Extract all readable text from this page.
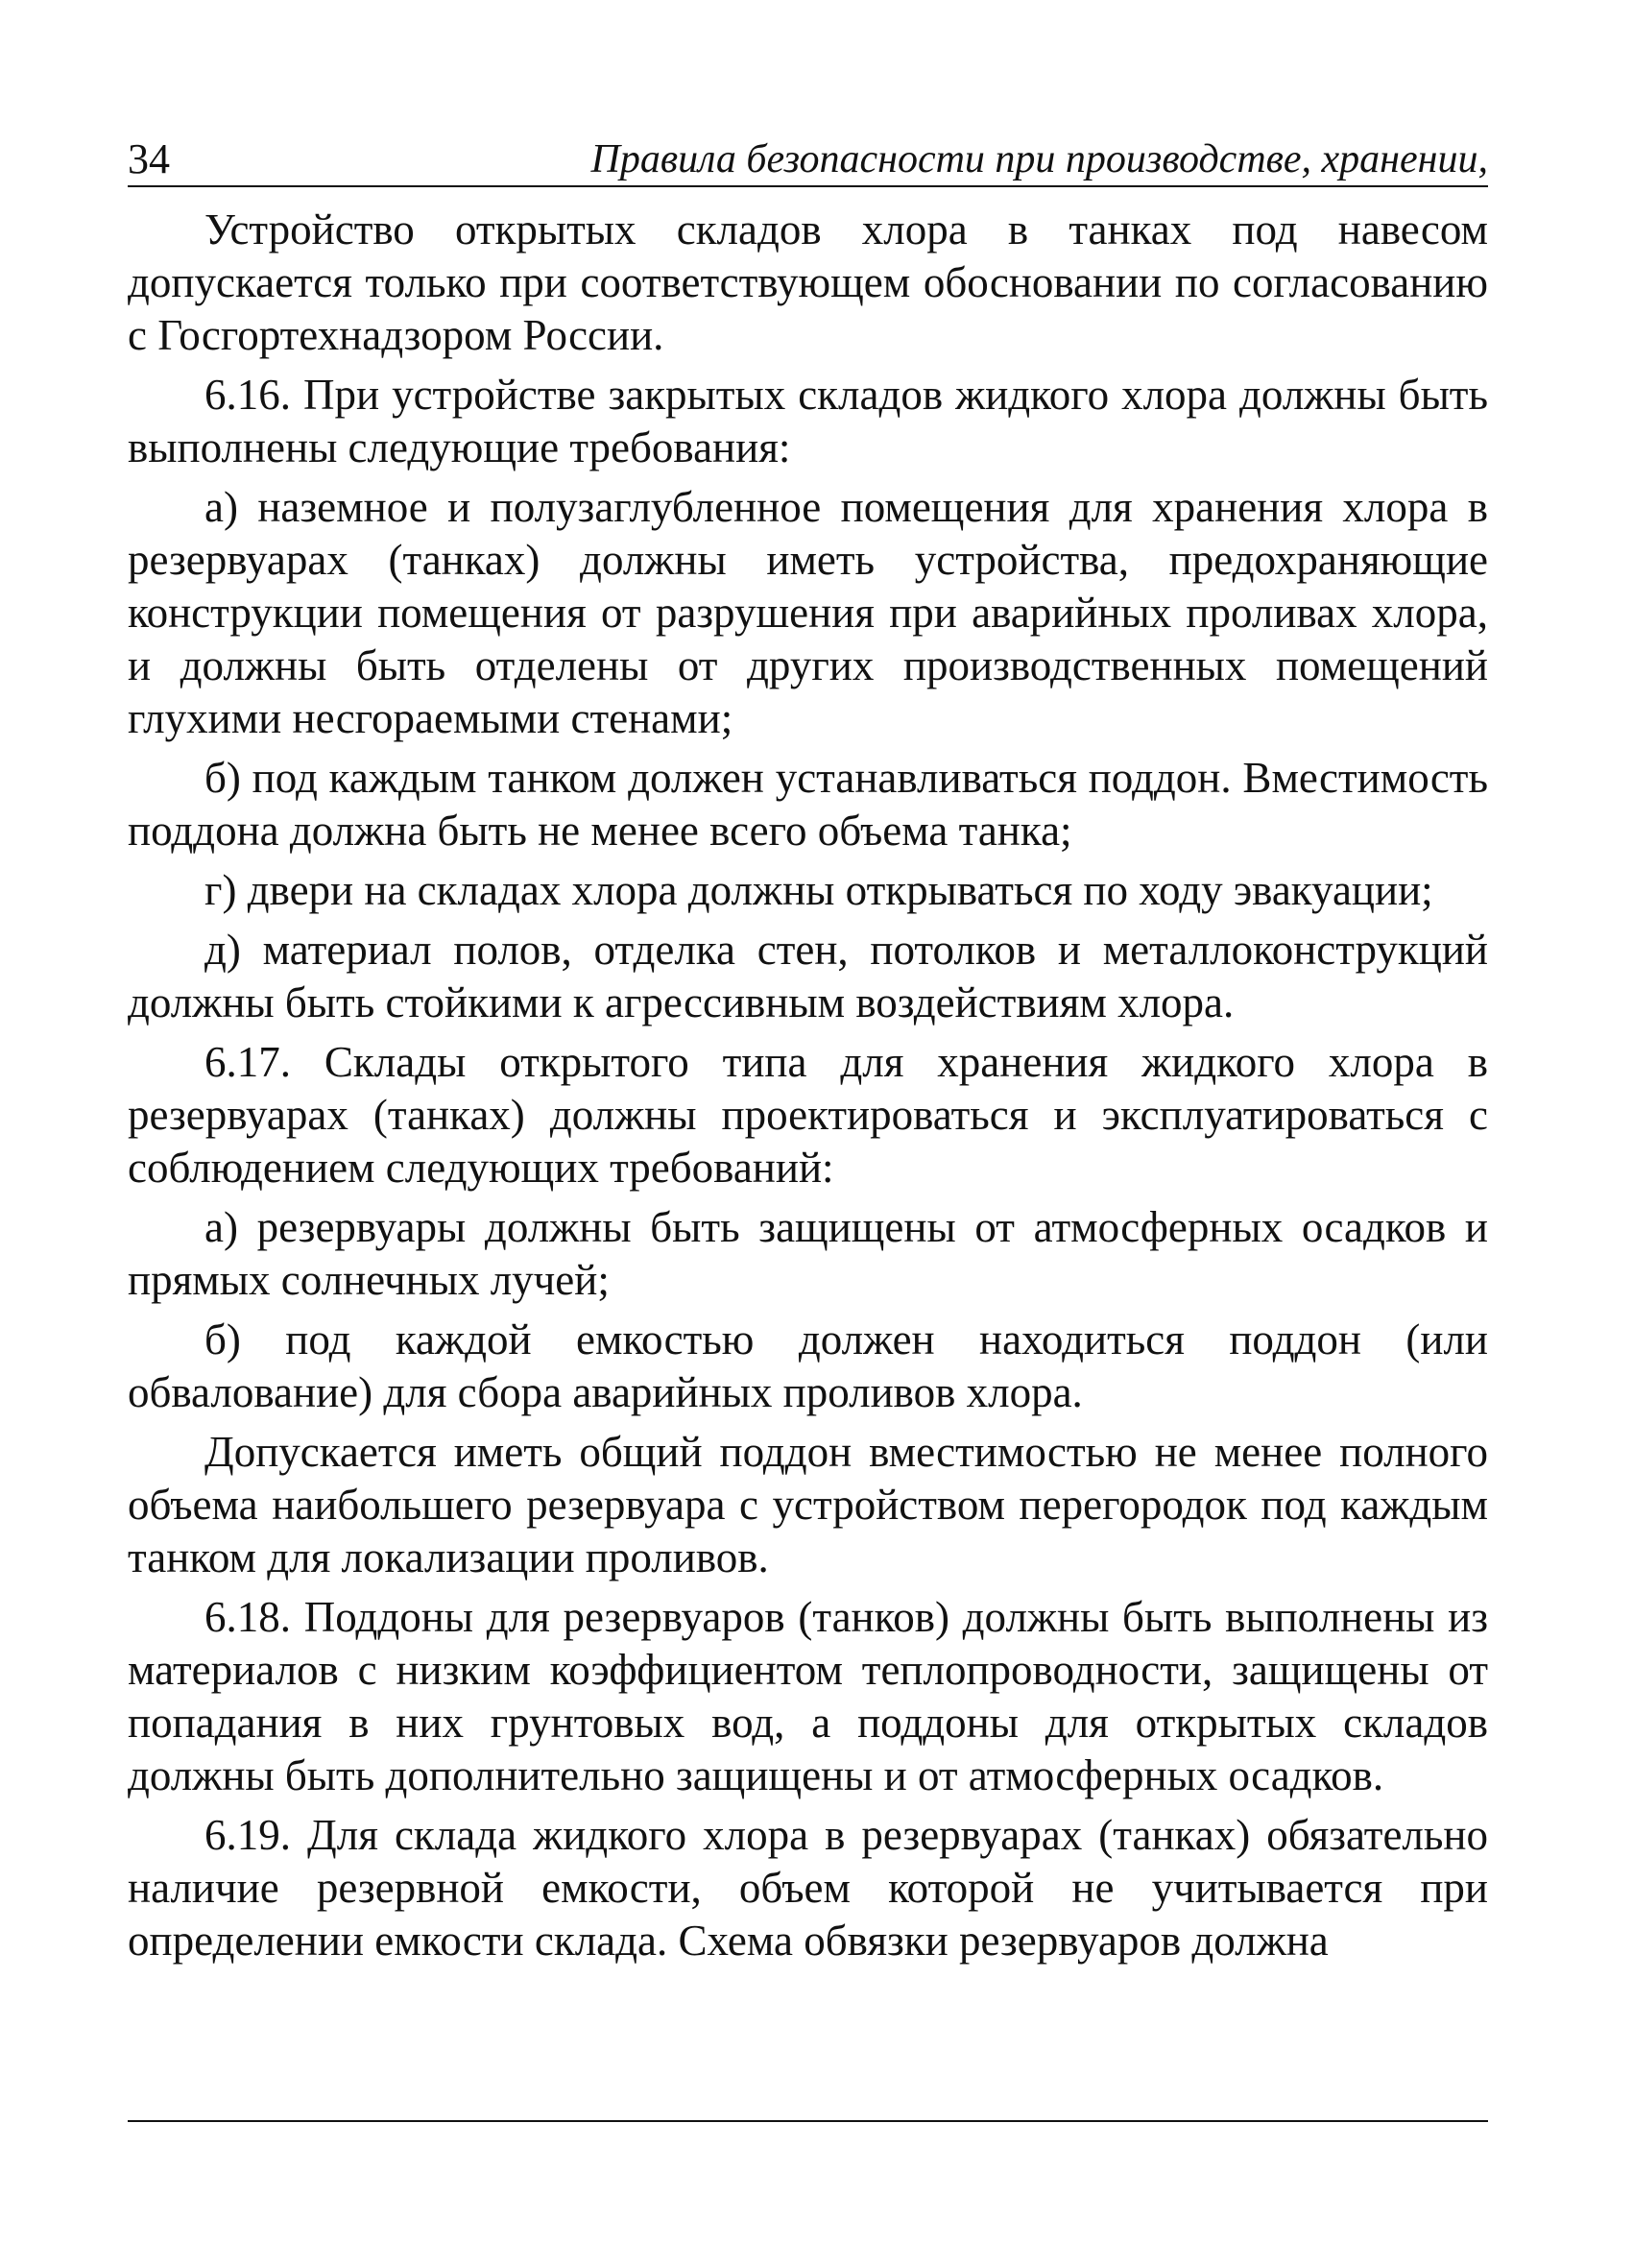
34	Правила безопасности при производстве, хранении,

Устройство открытых складов хлора в танках под навесом допускается только при соответствующем обосновании по согласованию с Госгортехнадзором России.

6.16. При устройстве закрытых складов жидкого хлора должны быть выполнены следующие требования:

а) наземное и полузаглубленное помещения для хранения хлора в резервуарах (танках) должны иметь устройства, предохраняющие конструкции помещения от разрушения при аварийных проливах хлора, и должны быть отделены от других производственных помещений глухими несгораемыми стенами;

б) под каждым танком должен устанавливаться поддон. Вместимость поддона должна быть не менее всего объема танка;

г) двери на складах хлора должны открываться по ходу эвакуации;

д) материал полов, отделка стен, потолков и металлоконструкций должны быть стойкими к агрессивным воздействиям хлора.

6.17. Склады открытого типа для хранения жидкого хлора в резервуарах (танках) должны проектироваться и эксплуатироваться с соблюдением следующих требований:

а) резервуары должны быть защищены от атмосферных осадков и прямых солнечных лучей;

б) под каждой емкостью должен находиться поддон (или обвалование) для сбора аварийных проливов хлора.

Допускается иметь общий поддон вместимостью не менее полного объема наибольшего резервуара с устройством перегородок под каждым танком для локализации проливов.

6.18. Поддоны для резервуаров (танков) должны быть выполнены из материалов с низким коэффициентом теплопроводности, защищены от попадания в них грунтовых вод, а поддоны для открытых складов должны быть дополнительно защищены и от атмосферных осадков.

6.19. Для склада жидкого хлора в резервуарах (танках) обязательно наличие резервной емкости, объем которой не учитывается при определении емкости склада. Схема обвязки резервуаров должна
